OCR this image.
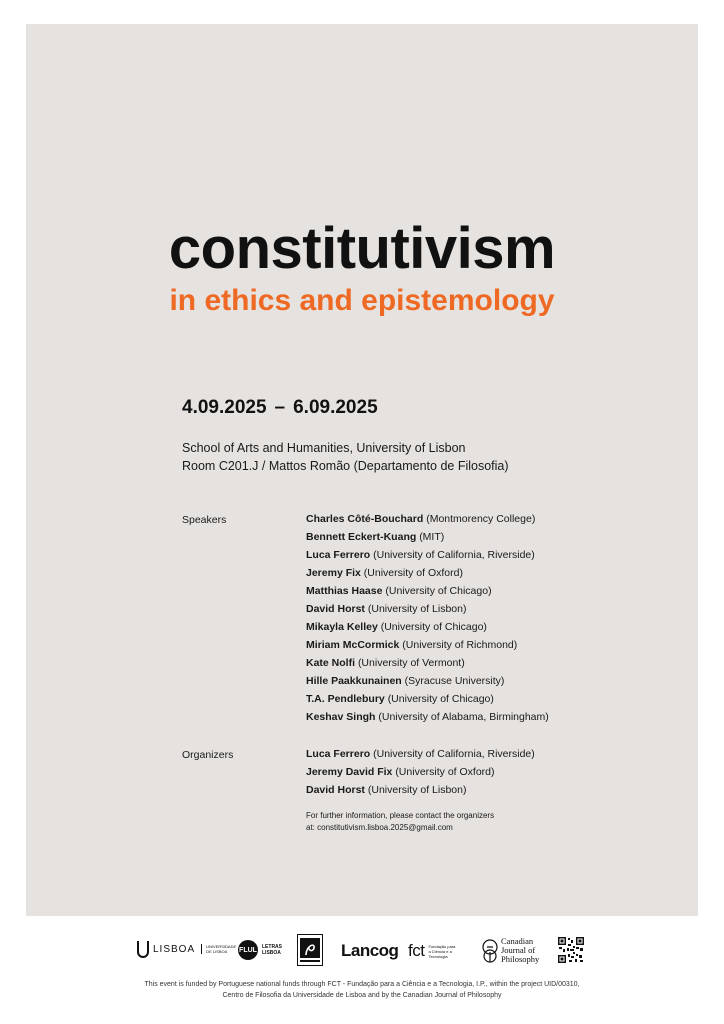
constitutivism
in ethics and epistemology
4.09.2025 – 6.09.2025
School of Arts and Humanities, University of Lisbon
Room C201.J / Mattos Romão (Departamento de Filosofia)
Speakers	Charles Côté-Bouchard (Montmorency College)
Bennett Eckert-Kuang (MIT)
Luca Ferrero (University of California, Riverside)
Jeremy Fix (University of Oxford)
Matthias Haase (University of Chicago)
David Horst (University of Lisbon)
Mikayla Kelley (University of Chicago)
Miriam McCormick (University of Richmond)
Kate Nolfi (University of Vermont)
Hille Paakkunainen (Syracuse University)
T.A. Pendlebury (University of Chicago)
Keshav Singh (University of Alabama, Birmingham)
Organizers	Luca Ferrero (University of California, Riverside)
Jeremy David Fix (University of Oxford)
David Horst (University of Lisbon)
For further information, please contact the organizers
at: constitutivism.lisboa.2025@gmail.com
LISBOA	UNIVERSIDADE DE LISBOA	FLUL LETRAS LISBOA	Lancog fct Fundação para a Ciência e a Tecnologia
Canadian Journal of Philosophy
This event is funded by Portuguese national funds through FCT - Fundação para a Ciência e a Tecnologia, I.P., within the project UID/00310,
Centro de Filosofia da Universidade de Lisboa and by the Canadian Journal of Philosophy
